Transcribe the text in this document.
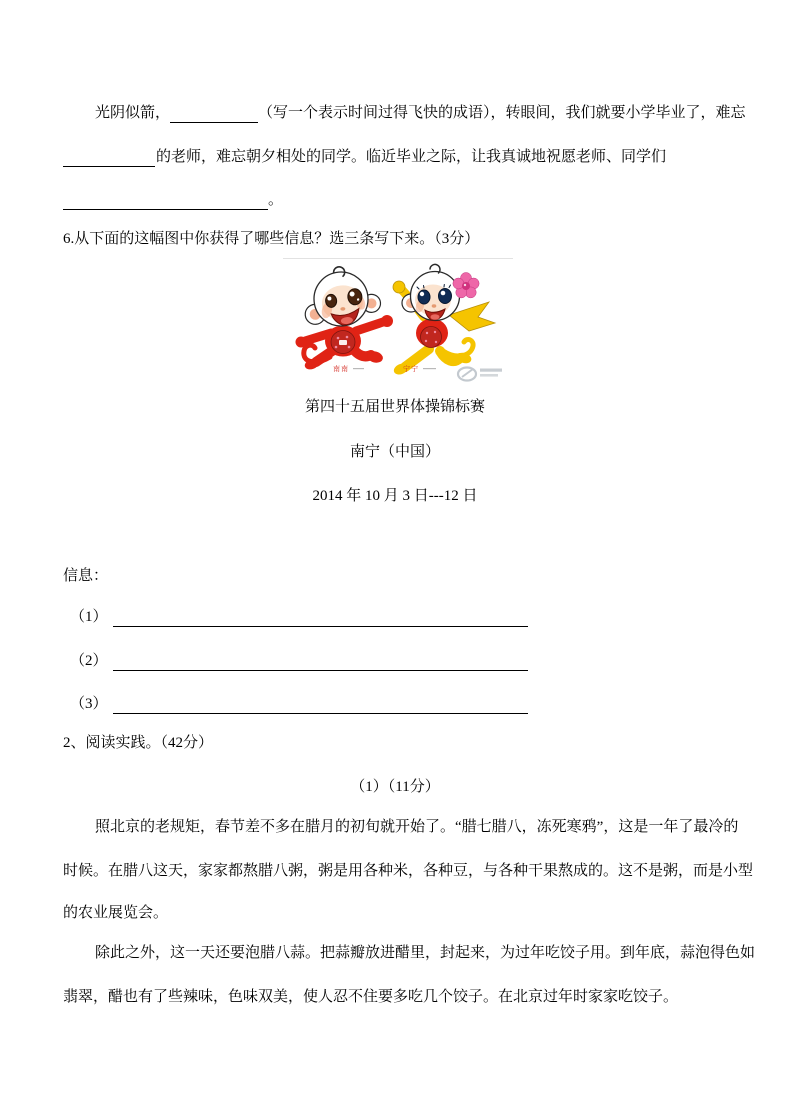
光阴似箭，	（写一个表示时间过得飞快的成语），转眼间，我们就要小学毕业了，难忘
的老师，难忘朝夕相处的同学。临近毕业之际，让我真诚地祝愿老师、同学们
。
6.从下面的这幅图中你获得了哪些信息？选三条写下来。（3分）
南南	宁宁
第四十五届世界体操锦标赛
南宁（中国）
2014 年 10 月 3 日---12 日
信息：
（1）
（2）
（3）
2、阅读实践。（42分）
（1）（11分）
照北京的老规矩，春节差不多在腊月的初旬就开始了。“腊七腊八，冻死寒鸦”，这是一年了最冷的
时候。在腊八这天，家家都熬腊八粥，粥是用各种米，各种豆，与各种干果熬成的。这不是粥，而是小型
的农业展览会。
除此之外，这一天还要泡腊八蒜。把蒜瓣放进醋里，封起来，为过年吃饺子用。到年底，蒜泡得色如
翡翠，醋也有了些辣味，色味双美，使人忍不住要多吃几个饺子。在北京过年时家家吃饺子。
